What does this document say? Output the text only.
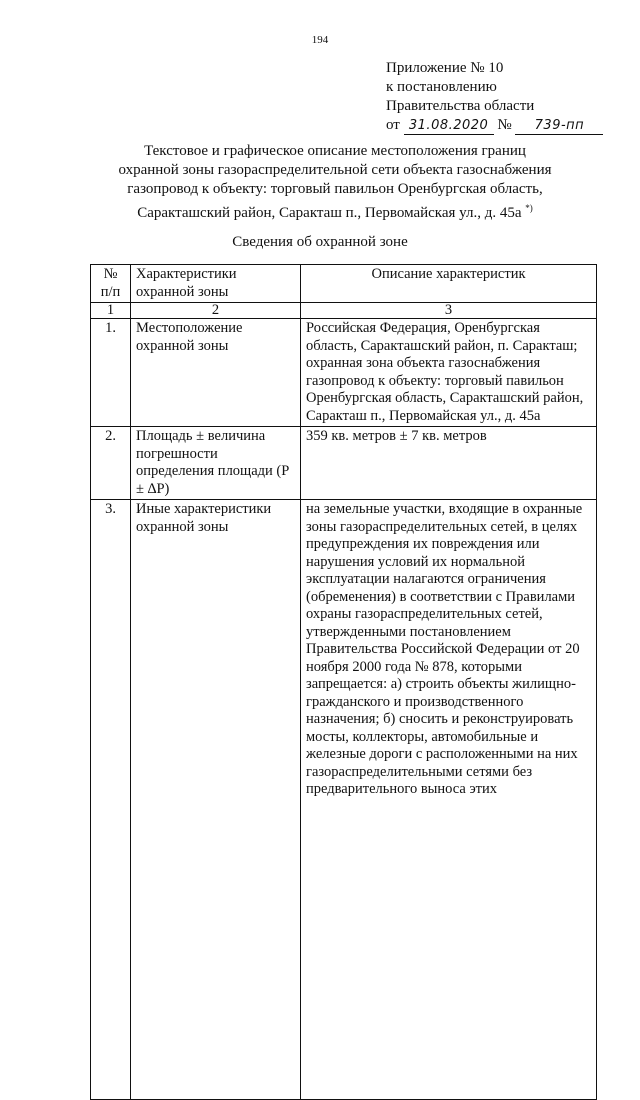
194
Приложение № 10
к постановлению
Правительства области
от 31.08.2020 № 739-пп
Текстовое и графическое описание местоположения границ
охранной зоны газораспределительной сети объекта газоснабжения
газопровод к объекту: торговый павильон Оренбургская область,
Саракташский район, Саракташ п., Первомайская ул., д. 45а *)
Сведения об охранной зоне
№ п/п	Характеристики охранной зоны	Описание характеристик
1	2	3
1.	Местоположение охранной зоны	Российская Федерация, Оренбургская область, Саракташский район, п. Саракташ; охранная зона объекта газоснабжения газопровод к объекту: торговый павильон Оренбургская область, Саракташский район, Саракташ п., Первомайская ул., д. 45а
2.	Площадь ± величина погрешности определения площади (Р ± ∆Р)	359 кв. метров ± 7 кв. метров
3.	Иные характеристики охранной зоны	на земельные участки, входящие в охранные зоны газораспределительных сетей, в целях предупреждения их повреждения или нарушения условий их нормальной эксплуатации налагаются ограничения (обременения) в соответствии с Правилами охраны газораспределительных сетей, утвержденными постановлением Правительства Российской Федерации от 20 ноября 2000 года № 878, которыми запрещается: а) строить объекты жилищно-гражданского и производственного назначения; б) сносить и реконструировать мосты, коллекторы, автомобильные и железные дороги с расположенными на них газораспределительными сетями без предварительного выноса этих
